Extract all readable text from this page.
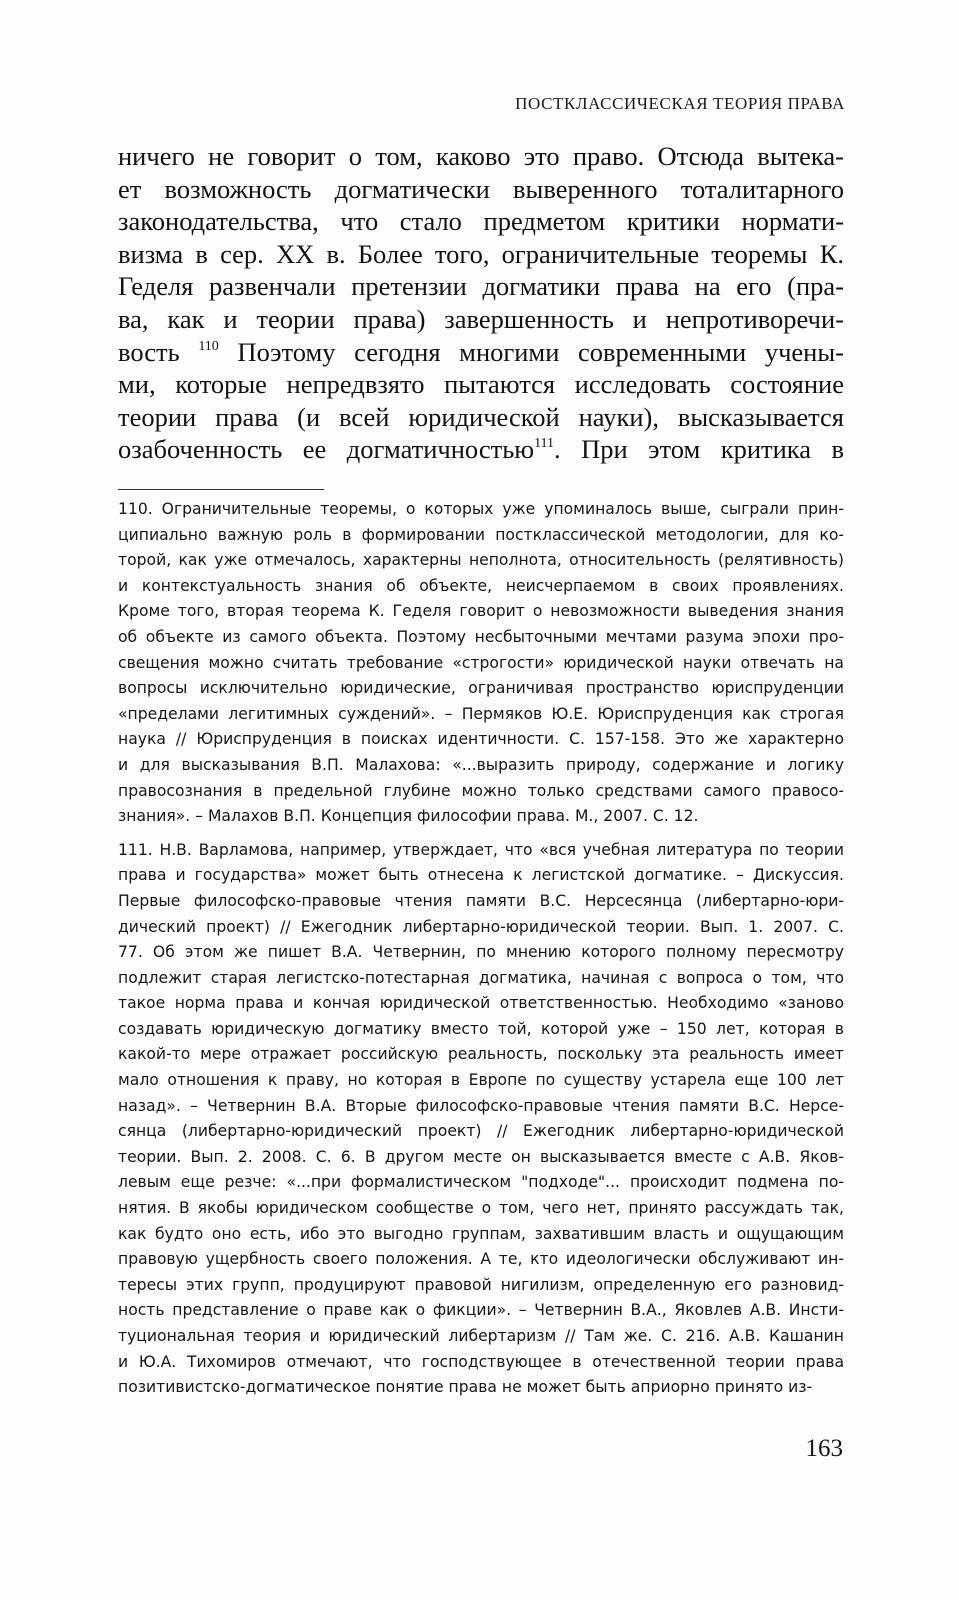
ПОСТКЛАССИЧЕСКАЯ ТЕОРИЯ ПРАВА
ничего не говорит о том, каково это право. Отсюда вытека-
ет возможность догматически выверенного тоталитарного
законодательства, что стало предметом критики нормати-
визма в сер. XX в. Более того, ограничительные теоремы К.
Геделя развенчали претензии догматики права на его (пра-
ва, как и теории права) завершенность и непротиворечи-
вость $^{110}$ Поэтому сегодня многими современными учены-
ми, которые непредвзято пытаются исследовать состояние
теории права (и всей юридической науки), высказывается
озабоченность ее догматичностью$^{111}$. При этом критика в
110. Ограничительные теоремы, о которых уже упоминалось выше, сыграли прин-
ципиально важную роль в формировании постклассической методологии, для ко-
торой, как уже отмечалось, характерны неполнота, относительность (релятивность)
и контекстуальность знания об объекте, неисчерпаемом в своих проявлениях.
Кроме того, вторая теорема К. Геделя говорит о невозможности выведения знания
об объекте из самого объекта. Поэтому несбыточными мечтами разума эпохи про-
свещения можно считать требование «строгости» юридической науки отвечать на
вопросы исключительно юридические, ограничивая пространство юриспруденции
«пределами легитимных суждений». – Пермяков Ю.Е. Юриспруденция как строгая
наука // Юриспруденция в поисках идентичности. С. 157-158. Это же характерно
и для высказывания В.П. Малахова: «...выразить природу, содержание и логику
правосознания в предельной глубине можно только средствами самого правосо-
знания». – Малахов В.П. Концепция философии права. М., 2007. С. 12.
111. Н.В. Варламова, например, утверждает, что «вся учебная литература по теории
права и государства» может быть отнесена к легистской догматике. – Дискуссия.
Первые философско-правовые чтения памяти В.С. Нерсесянца (либертарно-юри-
дический проект) // Ежегодник либертарно-юридической теории. Вып. 1. 2007. С.
77. Об этом же пишет В.А. Четвернин, по мнению которого полному пересмотру
подлежит старая легистско-потестарная догматика, начиная с вопроса о том, что
такое норма права и кончая юридической ответственностью. Необходимо «заново
создавать юридическую догматику вместо той, которой уже – 150 лет, которая в
какой-то мере отражает российскую реальность, поскольку эта реальность имеет
мало отношения к праву, но которая в Европе по существу устарела еще 100 лет
назад». – Четвернин В.А. Вторые философско-правовые чтения памяти В.С. Нерсе-
сянца (либертарно-юридический проект) // Ежегодник либертарно-юридической
теории. Вып. 2. 2008. С. 6. В другом месте он высказывается вместе с А.В. Яков-
левым еще резче: «...при формалистическом "подходе"... происходит подмена по-
нятия. В якобы юридическом сообществе о том, чего нет, принято рассуждать так,
как будто оно есть, ибо это выгодно группам, захватившим власть и ощущающим
правовую ущербность своего положения. А те, кто идеологически обслуживают ин-
тересы этих групп, продуцируют правовой нигилизм, определенную его разновид-
ность представление о праве как о фикции». – Четвернин В.А., Яковлев А.В. Инсти-
туциональная теория и юридический либертаризм // Там же. С. 216. А.В. Кашанин
и Ю.А. Тихомиров отмечают, что господствующее в отечественной теории права
позитивистско-догматическое понятие права не может быть априорно принято из-
163
